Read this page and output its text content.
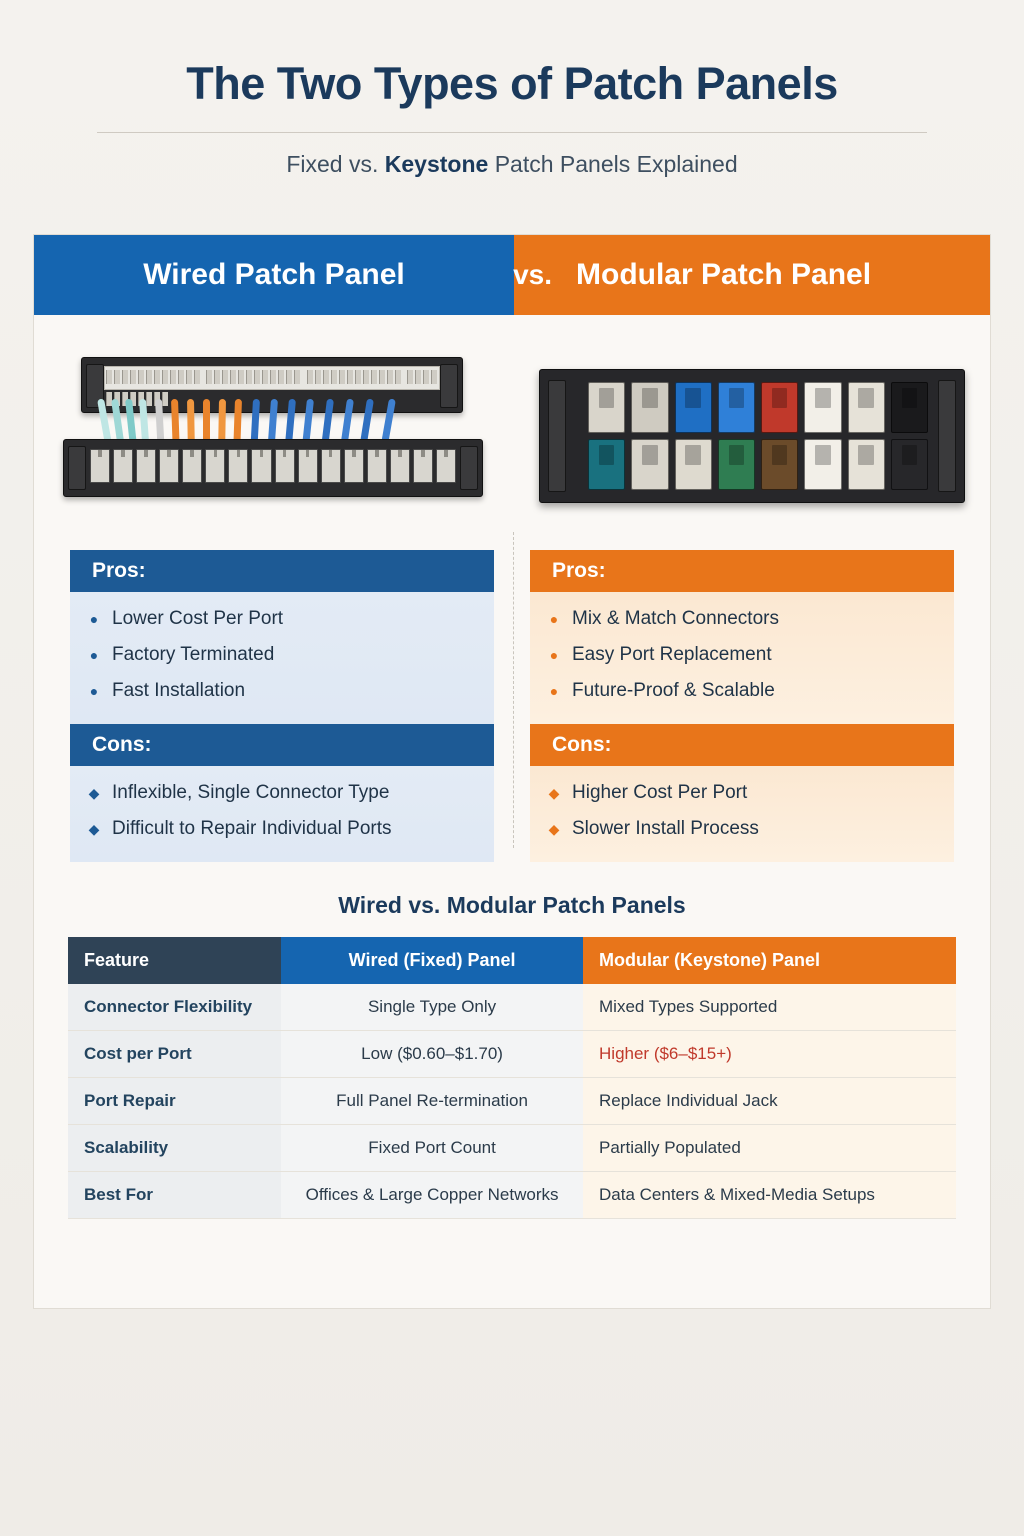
The Two Types of Patch Panels
Fixed vs. Keystone Patch Panels Explained
Wired Patch Panel	vs. Modular Patch Panel

Pros:
● Lower Cost Per Port
● Factory Terminated
● Fast Installation
Cons:
◆ Inflexible, Single Connector Type
◆ Difficult to Repair Individual Ports
Pros:
● Mix & Match Connectors
● Easy Port Replacement
● Future-Proof & Scalable
Cons:
◆ Higher Cost Per Port
◆ Slower Install Process
Wired vs. Modular Patch Panels
Feature	Wired (Fixed) Panel	Modular (Keystone) Panel
Connector Flexibility	Single Type Only	Mixed Types Supported
Cost per Port	Low ($0.60–$1.70)	Higher ($6–$15+)
Port Repair	Full Panel Re-termination	Replace Individual Jack
Scalability	Fixed Port Count	Partially Populated
Best For	Offices & Large Copper Networks	Data Centers & Mixed-Media Setups
